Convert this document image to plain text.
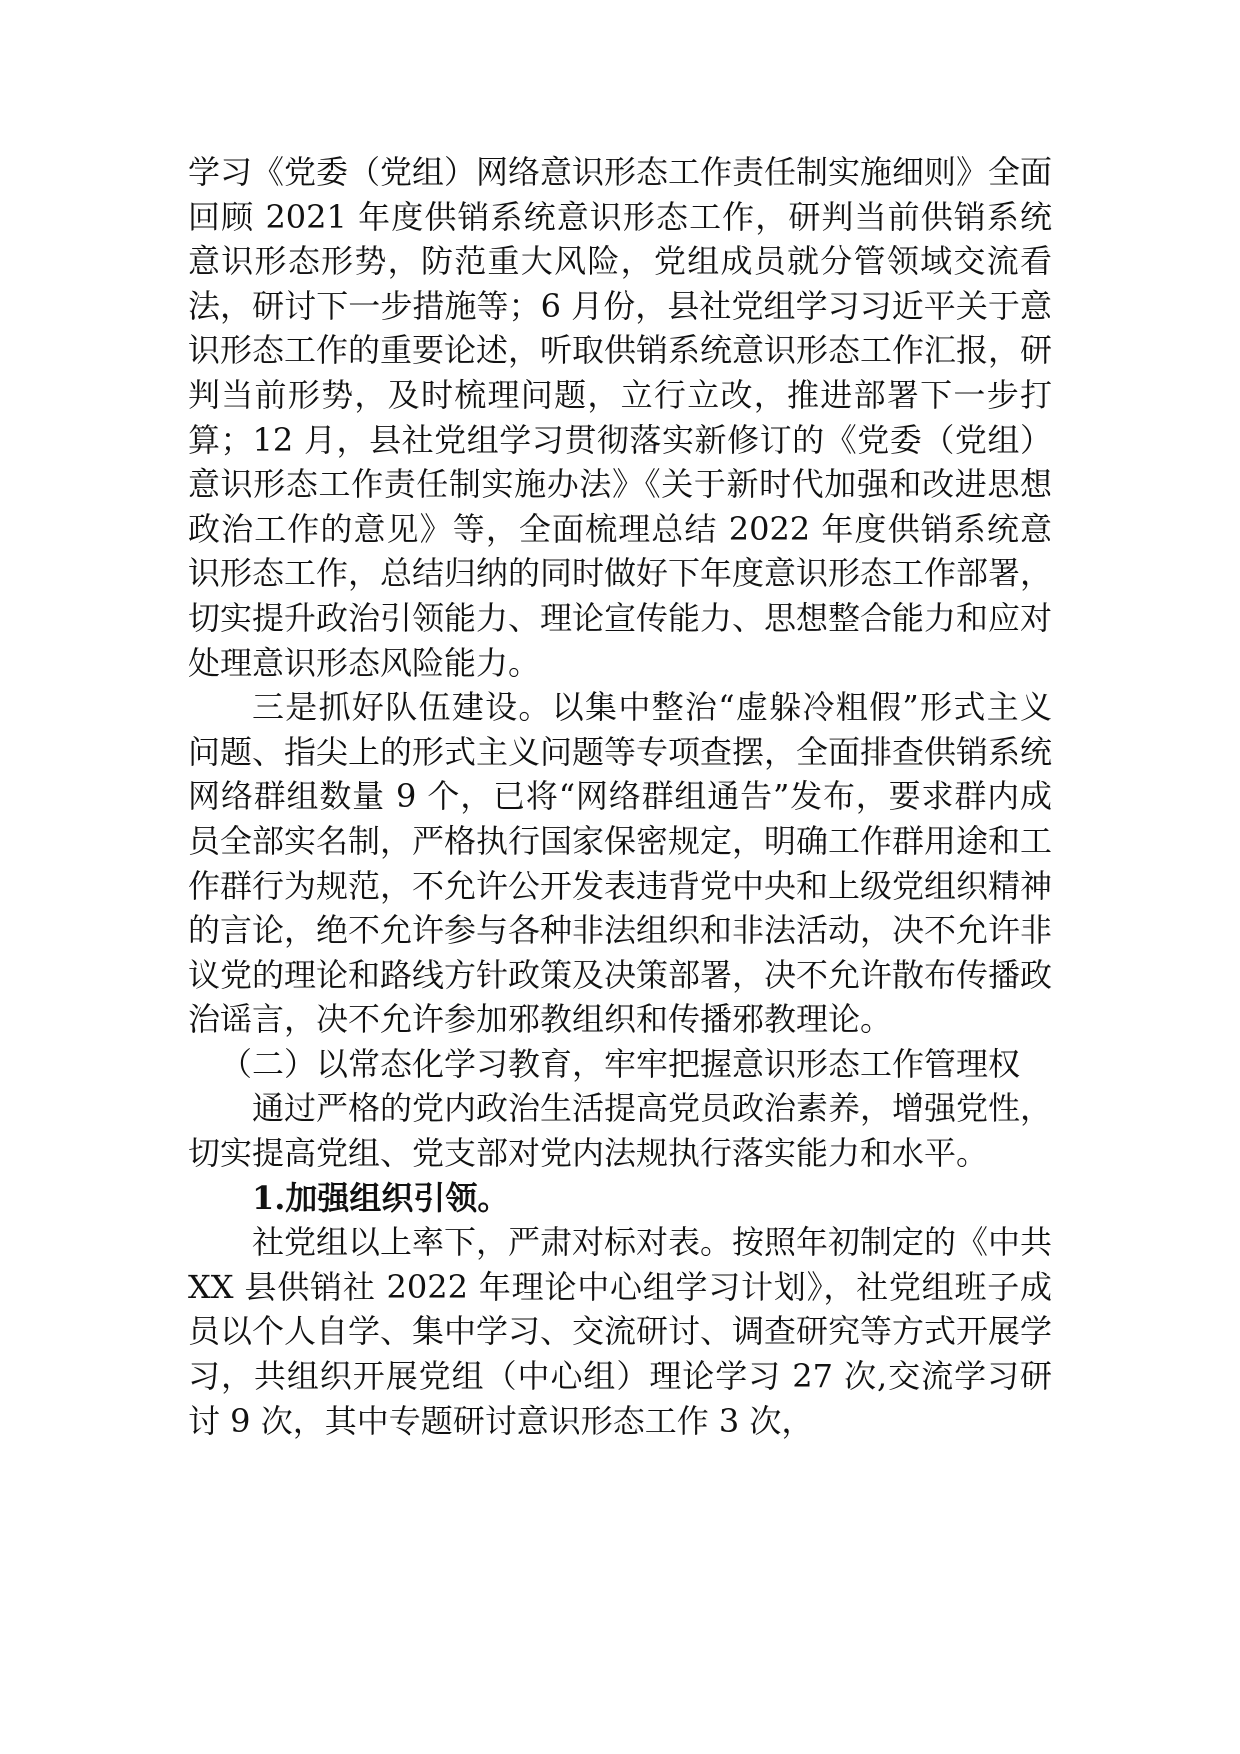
学习《党委（党组）网络意识形态工作责任制实施细则》全面回顾 2021 年度供销系统意识形态工作，研判当前供销系统意识形态形势，防范重大风险，党组成员就分管领域交流看法，研讨下一步措施等；6 月份，县社党组学习习近平关于意识形态工作的重要论述，听取供销系统意识形态工作汇报，研判当前形势，及时梳理问题，立行立改，推进部署下一步打算；12 月，县社党组学习贯彻落实新修订的《党委（党组）意识形态工作责任制实施办法》《关于新时代加强和改进思想政治工作的意见》等，全面梳理总结 2022 年度供销系统意识形态工作，总结归纳的同时做好下年度意识形态工作部署，切实提升政治引领能力、理论宣传能力、思想整合能力和应对处理意识形态风险能力。

三是抓好队伍建设。以集中整治“虚躲冷粗假”形式主义问题、指尖上的形式主义问题等专项查摆，全面排查供销系统网络群组数量 9 个，已将“网络群组通告”发布，要求群内成员全部实名制，严格执行国家保密规定，明确工作群用途和工作群行为规范，不允许公开发表违背党中央和上级党组织精神的言论，绝不允许参与各种非法组织和非法活动，决不允许非议党的理论和路线方针政策及决策部署，决不允许散布传播政治谣言，决不允许参加邪教组织和传播邪教理论。

（二）以常态化学习教育，牢牢把握意识形态工作管理权

通过严格的党内政治生活提高党员政治素养，增强党性，切实提高党组、党支部对党内法规执行落实能力和水平。

1.加强组织引领。

社党组以上率下，严肃对标对表。按照年初制定的《中共 XX 县供销社 2022 年理论中心组学习计划》，社党组班子成员以个人自学、集中学习、交流研讨、调查研究等方式开展学习，共组织开展党组（中心组）理论学习 27 次,交流学习研讨 9 次，其中专题研讨意识形态工作 3 次，
